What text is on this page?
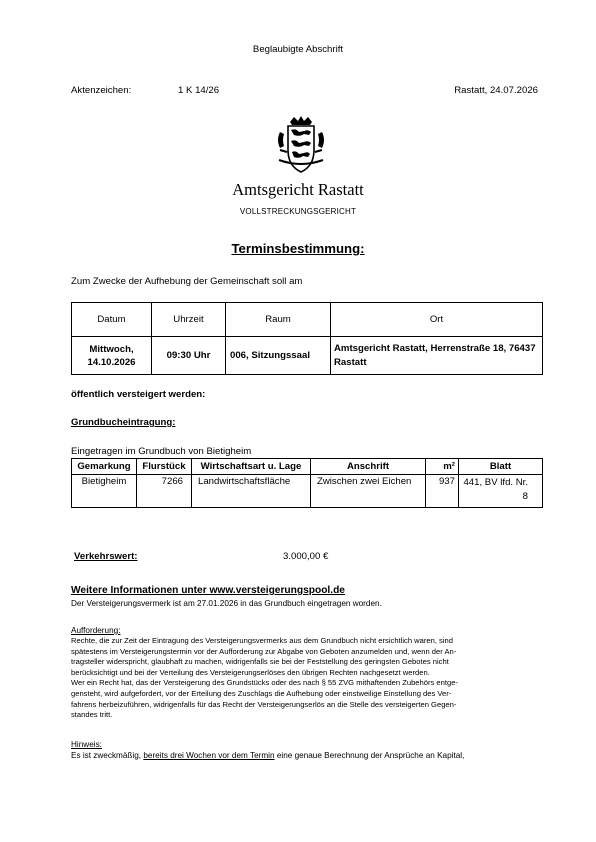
Beglaubigte Abschrift
Aktenzeichen:	1 K 14/26	Rastatt, 24.07.2026
Amtsgericht Rastatt
VOLLSTRECKUNGSGERICHT
Terminsbestimmung:
Zum Zwecke der Aufhebung der Gemeinschaft soll am
Datum	Uhrzeit	Raum	Ort
Mittwoch, 14.10.2026	09:30 Uhr	006, Sitzungssaal	Amtsgericht Rastatt, Herrenstraße 18, 76437 Rastatt
öffentlich versteigert werden:
Grundbucheintragung:
Eingetragen im Grundbuch von Bietigheim
Gemarkung	Flurstück	Wirtschaftsart u. Lage	Anschrift	m²	Blatt
Bietigheim	7266	Landwirtschaftsfläche	Zwischen zwei Eichen	937	441, BV lfd. Nr. 8
Verkehrswert:	3.000,00 €
Weitere Informationen unter www.versteigerungspool.de
Der Versteigerungsvermerk ist am 27.01.2026 in das Grundbuch eingetragen worden.
Aufforderung:
Rechte, die zur Zeit der Eintragung des Versteigerungsvermerks aus dem Grundbuch nicht ersichtlich waren, sind
spätestens im Versteigerungstermin vor der Aufforderung zur Abgabe von Geboten anzumelden und, wenn der An-
tragsteller widerspricht, glaubhaft zu machen, widrigenfalls sie bei der Feststellung des geringsten Gebotes nicht
berücksichtigt und bei der Verteilung des Versteigerungserlöses den übrigen Rechten nachgesetzt werden.
Wer ein Recht hat, das der Versteigerung des Grundstücks oder des nach § 55 ZVG mithaftenden Zubehörs entge-
gensteht, wird aufgefordert, vor der Erteilung des Zuschlags die Aufhebung oder einstweilige Einstellung des Ver-
fahrens herbeizuführen, widrigenfalls für das Recht der Versteigerungserlös an die Stelle des versteigerten Gegen-
standes tritt.
Hinweis:
Es ist zweckmäßig, bereits drei Wochen vor dem Termin eine genaue Berechnung der Ansprüche an Kapital,
